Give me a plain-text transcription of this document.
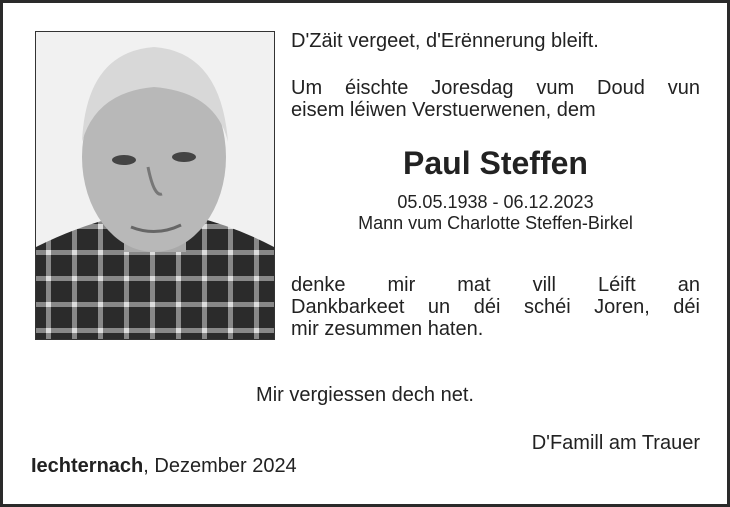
D'Zäit vergeet, d'Erënnerung bleift.
Um éischte Joresdag vum Doud vun
eisem léiwen Verstuerwenen, dem
Paul Steffen
05.05.1938 - 06.12.2023
Mann vum Charlotte Steffen-Birkel
denke mir mat vill Léift an
Dankbarkeet un déi schéi Joren, déi
mir zesummen haten.
Mir vergiessen dech net.
D'Famill am Trauer
Iechternach, Dezember 2024
